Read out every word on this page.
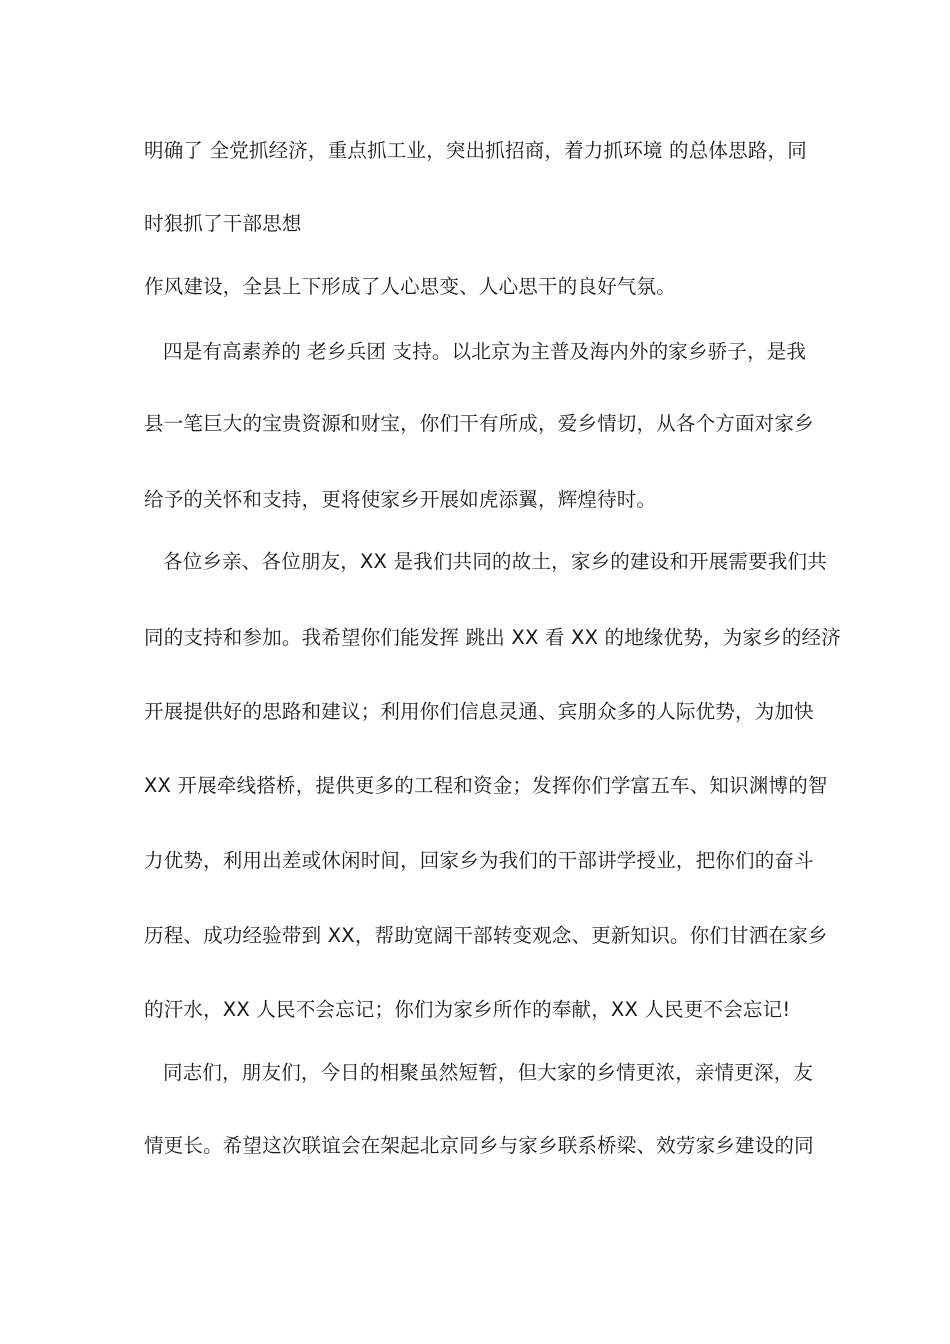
明确了 全党抓经济，重点抓工业，突出抓招商，着力抓环境 的总体思路，同
时狠抓了干部思想
作风建设，全县上下形成了人心思变、人心思干的良好气氛。
四是有高素养的 老乡兵团 支持。以北京为主普及海内外的家乡骄子，是我
县一笔巨大的宝贵资源和财宝，你们干有所成，爱乡情切，从各个方面对家乡
给予的关怀和支持，更将使家乡开展如虎添翼，辉煌待时。
各位乡亲、各位朋友，XX 是我们共同的故土，家乡的建设和开展需要我们共
同的支持和参加。我希望你们能发挥 跳出 XX 看 XX 的地缘优势，为家乡的经济
开展提供好的思路和建议；利用你们信息灵通、宾朋众多的人际优势，为加快
XX 开展牵线搭桥，提供更多的工程和资金；发挥你们学富五车、知识渊博的智
力优势，利用出差或休闲时间，回家乡为我们的干部讲学授业，把你们的奋斗
历程、成功经验带到 XX，帮助宽阔干部转变观念、更新知识。你们甘洒在家乡
的汗水，XX 人民不会忘记；你们为家乡所作的奉献，XX 人民更不会忘记!
同志们，朋友们，今日的相聚虽然短暂，但大家的乡情更浓，亲情更深，友
情更长。希望这次联谊会在架起北京同乡与家乡联系桥梁、效劳家乡建设的同
